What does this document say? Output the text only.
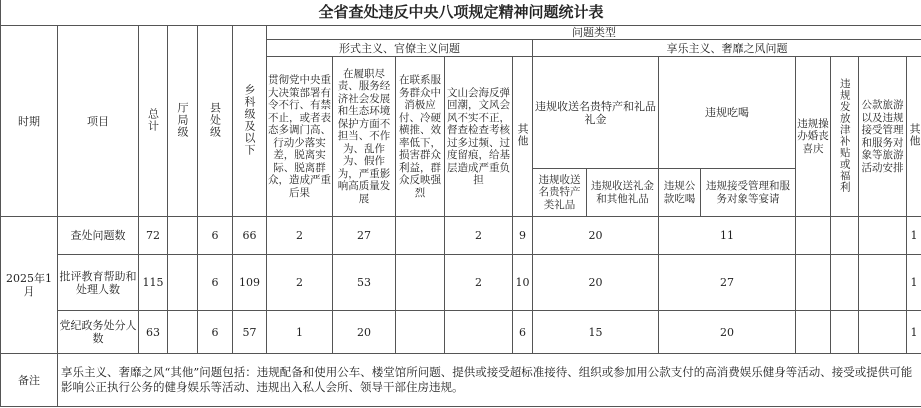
全省查处违反中央八项规定精神问题统计表																		
时期	项目	总计	厅局级	县处级	乡科级及以下	问题类型												
						形式主义、官僚主义问题					享乐主义、奢靡之风问题							
						贯彻党中央重大决策部署有令不行、有禁不止，或者表态多调门高、行动少落实差，脱离实际、脱离群众，造成严重后果	在履职尽责、服务经济社会发展和生态环境保护方面不担当、不作为、乱作为、假作为，严重影响高质量发展	在联系服务群众中消极应付、冷硬横推、效率低下，损害群众利益，群众反映强烈	文山会海反弹回潮，文风会风不实不正，督查检查考核过多过频、过度留痕，给基层造成严重负担	其他	违规收送名贵特产和礼品礼金		违规吃喝		违规操办婚丧喜庆	违规发放津补贴或福利	公款旅游以及违规接受管理和服务对象等旅游活动安排	其他
											违规收送名贵特产类礼品	违规收送礼金和其他礼品	违规公款吃喝	违规接受管理和服务对象等宴请				
2025年1月	查处问题数	72		6	66	2	27		2	9	20		11					1
	批评教育帮助和处理人数	115		6	109	2	53		2	10	20		27					1
	党纪政务处分人数	63		6	57	1	20			6	15		20					1
备注	享乐主义、奢靡之风“其他”问题包括：违规配备和使用公车、楼堂馆所问题、提供或接受超标准接待、组织或参加用公款支付的高消费娱乐健身等活动、接受或提供可能影响公正执行公务的健身娱乐等活动、违规出入私人会所、领导干部住房违规。																	
